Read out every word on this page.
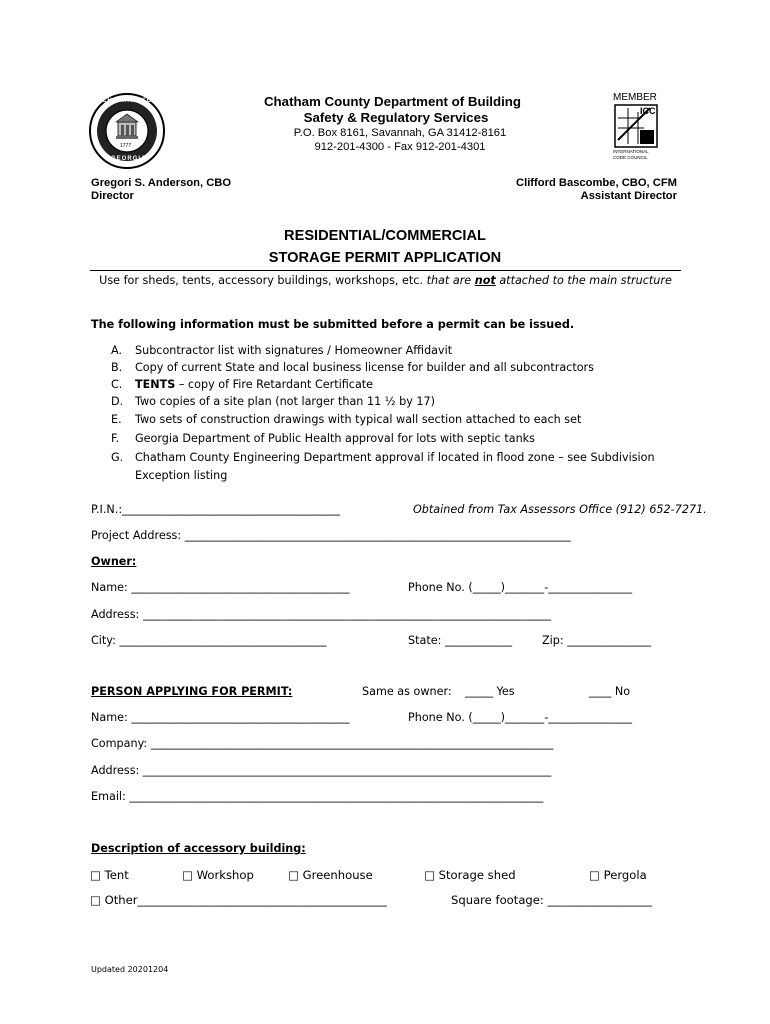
CHATHAM COUNTY
GEORGIA
1777
Chatham County Department of Building
Safety & Regulatory Services
P.O. Box 8161, Savannah, GA 31412-8161
912-201-4300 - Fax 912-201-4301
MEMBER
ICC
INTERNATIONAL
CODE COUNCIL
Gregori S. Anderson, CBO
Director
Clifford Bascombe, CBO, CFM
Assistant Director
RESIDENTIAL/COMMERCIAL
STORAGE PERMIT APPLICATION
Use for sheds, tents, accessory buildings, workshops, etc. that are not attached to the main structure
The following information must be submitted before a permit can be issued.
A. Subcontractor list with signatures / Homeowner Affidavit
B. Copy of current State and local business license for builder and all subcontractors
C. TENTS – copy of Fire Retardant Certificate
D. Two copies of a site plan (not larger than 11 ½ by 17)
E. Two sets of construction drawings with typical wall section attached to each set
F. Georgia Department of Public Health approval for lots with septic tanks
G. Chatham County Engineering Department approval if located in flood zone – see Subdivision
Exception listing
P.I.N.:_______________________________________	Obtained from Tax Assessors Office (912) 652-7271.
Project Address: _____________________________________________________________________
Owner:
Name: _______________________________________	Phone No. (_____)_______-_______________
Address: _________________________________________________________________________
City: _____________________________________	State: ____________	Zip: _______________
PERSON APPLYING FOR PERMIT:	Same as owner: _____ Yes	____ No
Name: _______________________________________	Phone No. (_____)_______-_______________
Company: ________________________________________________________________________
Address: _________________________________________________________________________
Email: __________________________________________________________________________
Description of accessory building:
□ Tent	□ Workshop	□ Greenhouse	□ Storage shed	□ Pergola
□ Other___________________________________________	Square footage: __________________
Updated 20201204
